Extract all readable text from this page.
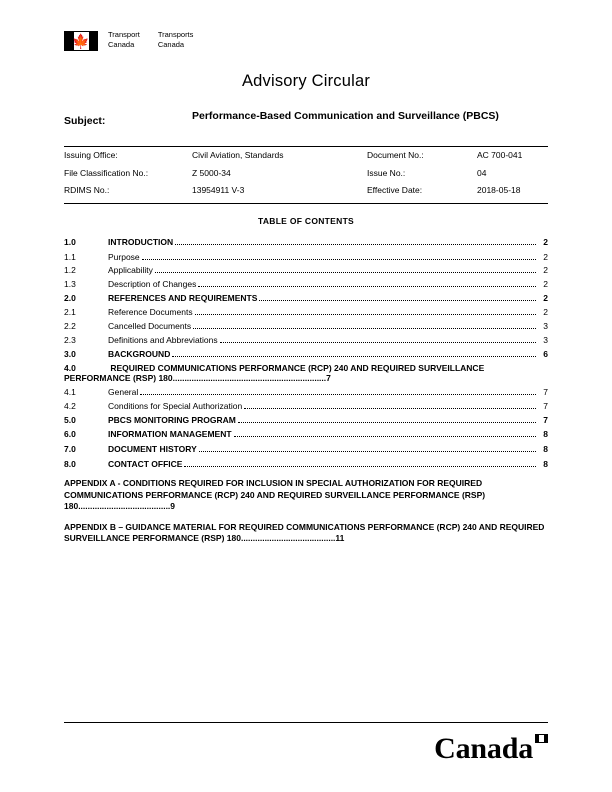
🍁 Transport
Canada
Transports
Canada
Advisory Circular
Subject:	Performance-Based Communication and Surveillance (PBCS)
Issuing Office:	Civil Aviation, Standards	Document No.:	AC 700-041
File Classification No.:	Z 5000-34	Issue No.:	04
RDIMS No.:	13954911 V-3	Effective Date:	2018-05-18
TABLE OF CONTENTS
1.0	INTRODUCTION	2
1.1	Purpose	2
1.2	Applicability	2
1.3	Description of Changes	2
2.0	REFERENCES AND REQUIREMENTS	2
2.1	Reference Documents	2
2.2	Cancelled Documents	3
2.3	Definitions and Abbreviations	3
3.0	BACKGROUND	6
4.0	REQUIRED COMMUNICATIONS PERFORMANCE (RCP) 240 AND REQUIRED SURVEILLANCE PERFORMANCE (RSP) 180.................................................................7
4.1	General	7
4.2	Conditions for Special Authorization	7
5.0	PBCS MONITORING PROGRAM	7
6.0	INFORMATION MANAGEMENT	8
7.0	DOCUMENT HISTORY	8
8.0	CONTACT OFFICE	8
APPENDIX A - CONDITIONS REQUIRED FOR INCLUSION IN SPECIAL AUTHORIZATION FOR REQUIRED COMMUNICATIONS PERFORMANCE (RCP) 240 AND REQUIRED SURVEILLANCE PERFORMANCE (RSP) 180.......................................9
APPENDIX B – GUIDANCE MATERIAL FOR REQUIRED COMMUNICATIONS PERFORMANCE (RCP) 240 AND REQUIRED SURVEILLANCE PERFORMANCE (RSP) 180........................................11
Canada
